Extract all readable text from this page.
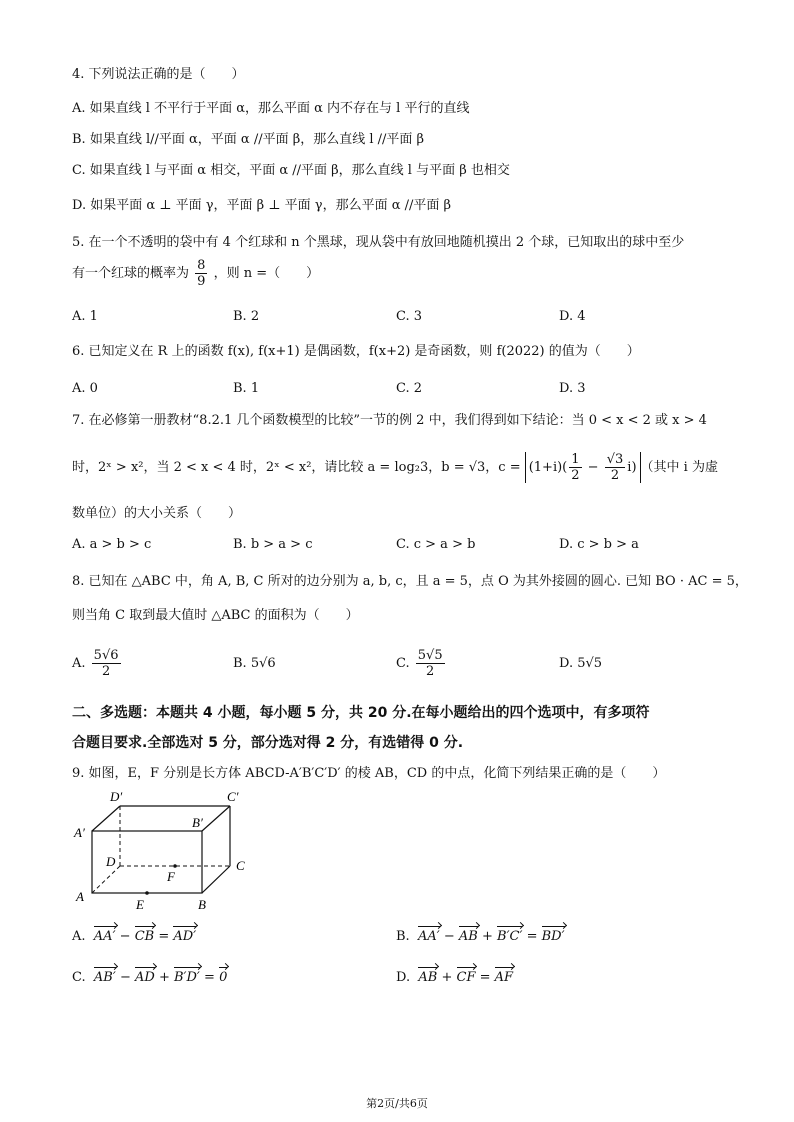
4. 下列说法正确的是（　　）
A. 如果直线 l 不平行于平面 α，那么平面 α 内不存在与 l 平行的直线
B. 如果直线 l//平面 α，平面 α //平面 β，那么直线 l //平面 β
C. 如果直线 l 与平面 α 相交，平面 α //平面 β，那么直线 l 与平面 β 也相交
D. 如果平面 α ⊥ 平面 γ，平面 β ⊥ 平面 γ，那么平面 α //平面 β
5. 在一个不透明的袋中有 4 个红球和 n 个黑球，现从袋中有放回地随机摸出 2 个球，已知取出的球中至少
有一个红球的概率为 $\frac{8}{9}$ ，则 n =（　　）
A. 1	B. 2	C. 3	D. 4
6. 已知定义在 R 上的函数 f(x), f(x+1) 是偶函数，f(x+2) 是奇函数，则 f(2022) 的值为（　　）
A. 0	B. 1	C. 2	D. 3
7. 在必修第一册教材“8.2.1 几个函数模型的比较”一节的例 2 中，我们得到如下结论：当 0 < x < 2 或 x > 4
时，2ˣ > x²，当 2 < x < 4 时，2ˣ < x²，请比较 a = log₂3，b = √3，$c = (1+i)( \frac{1}{2} - \frac{√3}{2} i)$ （其中 i 为虚
数单位）的大小关系（　　）
A. a > b > c	B. b > a > c	C. c > a > b	D. c > b > a
8. 已知在 △ABC 中，角 A, B, C 所对的边分别为 a, b, c，且 a = 5，点 O 为其外接圆的圆心. 已知 BO · AC = 5，
则当角 C 取到最大值时 △ABC 的面积为（　　）
A. $\frac{5√6}{2}$	B. 5√6	C. $\frac{5√5}{2}$	D. 5√5
二、多选题：本题共 4 小题，每小题 5 分，共 20 分.在每小题给出的四个选项中，有多项符
合题目要求.全部选对 5 分，部分选对得 2 分，有选错得 0 分.
9. 如图，E，F 分别是长方体 ABCD-A′B′C′D′ 的棱 AB，CD 的中点，化简下列结果正确的是（　　）
D′	C′
A′
B′
D	C
F
A
E	B
A. AA′ − CB = AD′	B. AA′ − AB + B′C′ = BD′
C. AB′ − AD + B′D′ = 0	D. AB + CF = AF
第2页/共6页
